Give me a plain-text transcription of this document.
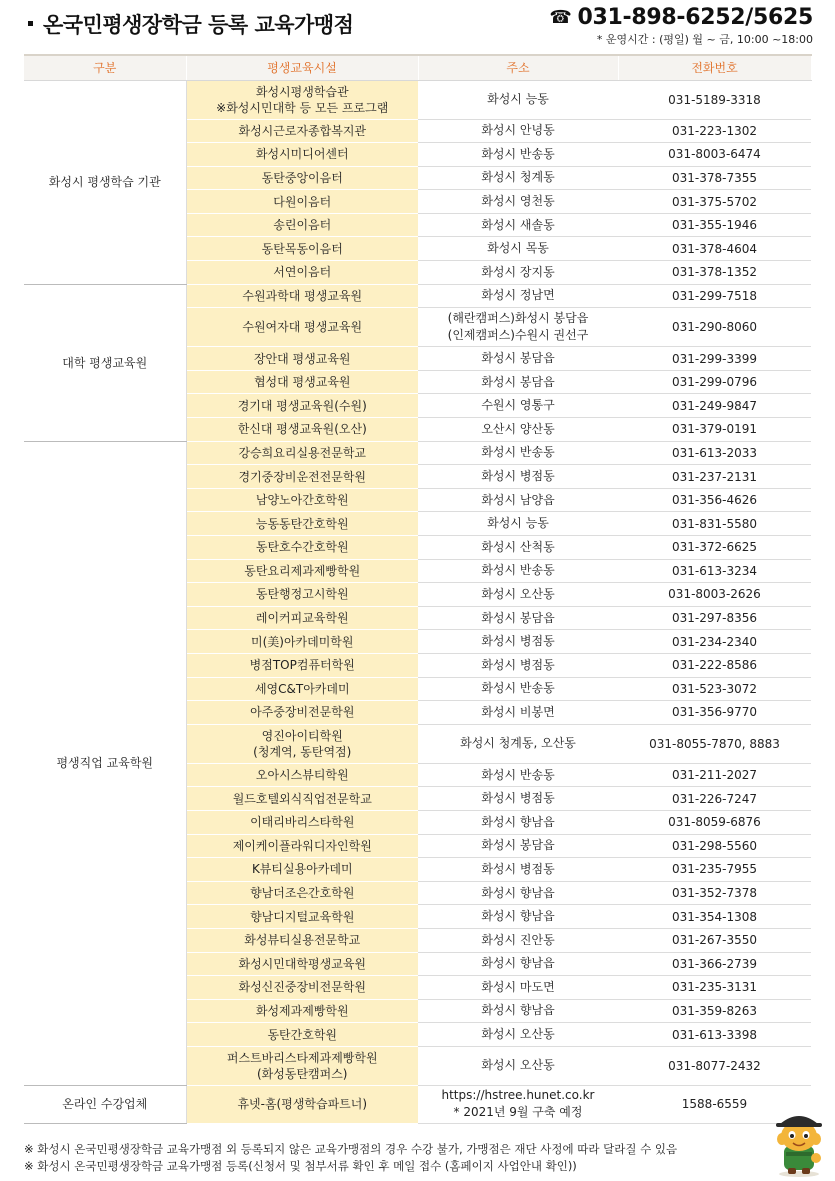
온국민평생장학금 등록 교육가맹점	☎ 031-898-6252/5625
* 운영시간 : (평일) 월 ~ 금, 10:00 ~18:00
구분	평생교육시설	주소	전화번호
화성시 평생학습 기관	화성시평생학습관
※화성시민대학 등 모든 프로그램	화성시 능동	031-5189-3318

	화성시근로자종합복지관	화성시 안녕동	031-223-1302

	화성시미디어센터	화성시 반송동	031-8003-6474

	동탄중앙이음터	화성시 청계동	031-378-7355

	다원이음터	화성시 영천동	031-375-5702

	송린이음터	화성시 새솔동	031-355-1946

	동탄목동이음터	화성시 목동	031-378-4604

	서연이음터	화성시 장지동	031-378-1352
대학 평생교육원	수원과학대 평생교육원	화성시 정남면	031-299-7518

	수원여자대 평생교육원	(해란캠퍼스)화성시 봉담읍
(인제캠퍼스)수원시 권선구	031-290-8060

	장안대 평생교육원	화성시 봉담읍	031-299-3399

	협성대 평생교육원	화성시 봉담읍	031-299-0796

	경기대 평생교육원(수원)	수원시 영통구	031-249-9847

	한신대 평생교육원(오산)	오산시 양산동	031-379-0191
평생직업 교육학원	강승희요리실용전문학교	화성시 반송동	031-613-2033

	경기중장비운전전문학원	화성시 병점동	031-237-2131

	남양노아간호학원	화성시 남양읍	031-356-4626

	능동동탄간호학원	화성시 능동	031-831-5580

	동탄호수간호학원	화성시 산척동	031-372-6625

	동탄요리제과제빵학원	화성시 반송동	031-613-3234

	동탄행정고시학원	화성시 오산동	031-8003-2626

	레이커피교육학원	화성시 봉담읍	031-297-8356

	미(美)아카데미학원	화성시 병점동	031-234-2340

	병점TOP컴퓨터학원	화성시 병점동	031-222-8586

	세영C&T아카데미	화성시 반송동	031-523-3072

	아주중장비전문학원	화성시 비봉면	031-356-9770

	영진아이티학원
(청계역, 동탄역점)	화성시 청계동, 오산동	031-8055-7870, 8883

	오아시스뷰티학원	화성시 반송동	031-211-2027

	월드호텔외식직업전문학교	화성시 병점동	031-226-7247

	이태리바리스타학원	화성시 향남읍	031-8059-6876

	제이케이플라워디자인학원	화성시 봉담읍	031-298-5560

	K뷰티실용아카데미	화성시 병점동	031-235-7955

	향남더조은간호학원	화성시 향남읍	031-352-7378

	향남디지털교육학원	화성시 향남읍	031-354-1308

	화성뷰티실용전문학교	화성시 진안동	031-267-3550

	화성시민대학평생교육원	화성시 향남읍	031-366-2739

	화성신진중장비전문학원	화성시 마도면	031-235-3131

	화성제과제빵학원	화성시 향남읍	031-359-8263

	동탄간호학원	화성시 오산동	031-613-3398

	퍼스트바리스타제과제빵학원
(화성동탄캠퍼스)	화성시 오산동	031-8077-2432
온라인 수강업체	휴넷-홈(평생학습파트너)	https://hstree.hunet.co.kr
* 2021년 9월 구축 예정	1588-6559
※ 화성시 온국민평생장학금 교육가맹점 외 등록되지 않은 교육가맹점의 경우 수강 불가, 가맹점은 재단 사정에 따라 달라질 수 있음
※ 화성시 온국민평생장학금 교육가맹점 등록(신청서 및 첨부서류 확인 후 메일 접수 (홈페이지 사업안내 확인))
